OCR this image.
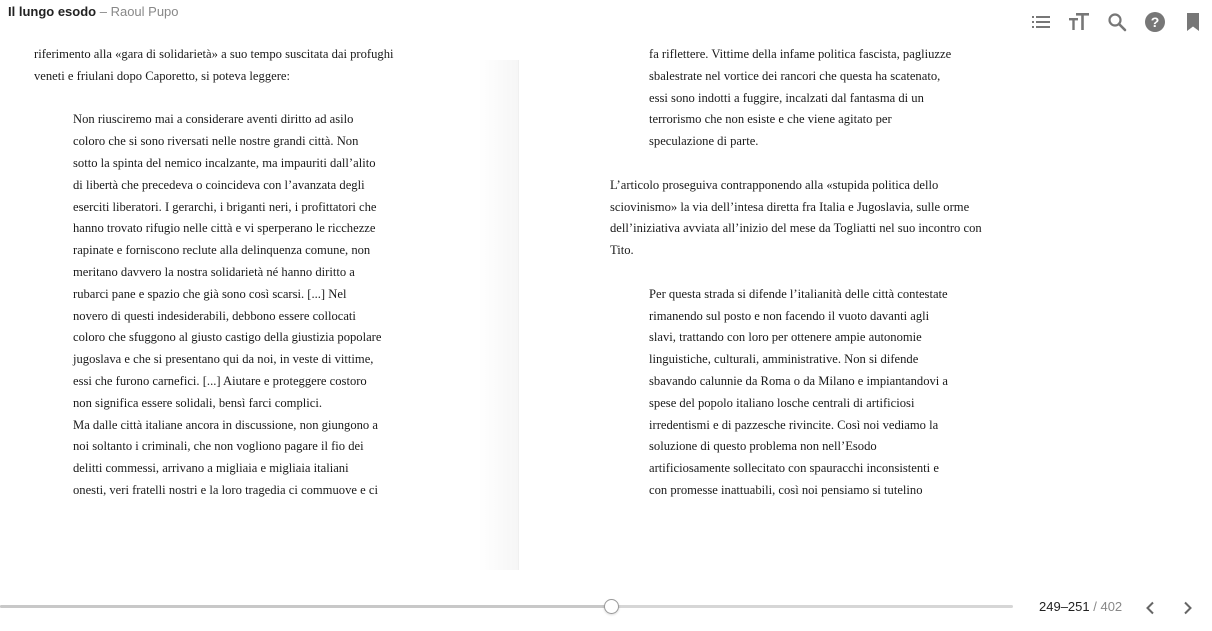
Il lungo esodo – Raoul Pupo
?

riferimento alla «gara di solidarietà» a suo tempo suscitata dai profughi
veneti e friulani dopo Caporetto, si poteva leggere:

Non riusciremo mai a considerare aventi diritto ad asilo
coloro che si sono riversati nelle nostre grandi città. Non
sotto la spinta del nemico incalzante, ma impauriti dall’alito
di libertà che precedeva o coincideva con l’avanzata degli
eserciti liberatori. I gerarchi, i briganti neri, i profittatori che
hanno trovato rifugio nelle città e vi sperperano le ricchezze
rapinate e forniscono reclute alla delinquenza comune, non
meritano davvero la nostra solidarietà né hanno diritto a
rubarci pane e spazio che già sono così scarsi. [...] Nel
novero di questi indesiderabili, debbono essere collocati
coloro che sfuggono al giusto castigo della giustizia popolare
jugoslava e che si presentano qui da noi, in veste di vittime,
essi che furono carnefici. [...] Aiutare e proteggere costoro
non significa essere solidali, bensì farci complici.
Ma dalle città italiane ancora in discussione, non giungono a
noi soltanto i criminali, che non vogliono pagare il fio dei
delitti commessi, arrivano a migliaia e migliaia italiani
onesti, veri fratelli nostri e la loro tragedia ci commuove e ci

fa riflettere. Vittime della infame politica fascista, pagliuzze
sbalestrate nel vortice dei rancori che questa ha scatenato,
essi sono indotti a fuggire, incalzati dal fantasma di un
terrorismo che non esiste e che viene agitato per
speculazione di parte.

L’articolo proseguiva contrapponendo alla «stupida politica dello
sciovinismo» la via dell’intesa diretta fra Italia e Jugoslavia, sulle orme
dell’iniziativa avviata all’inizio del mese da Togliatti nel suo incontro con
Tito.

Per questa strada si difende l’italianità delle città contestate
rimanendo sul posto e non facendo il vuoto davanti agli
slavi, trattando con loro per ottenere ampie autonomie
linguistiche, culturali, amministrative. Non si difende
sbavando calunnie da Roma o da Milano e impiantandovi a
spese del popolo italiano losche centrali di artificiosi
irredentismi e di pazzesche rivincite. Così noi vediamo la
soluzione di questo problema non nell’Esodo
artificiosamente sollecitato con spauracchi inconsistenti e
con promesse inattuabili, così noi pensiamo si tutelino

249–251 / 402
